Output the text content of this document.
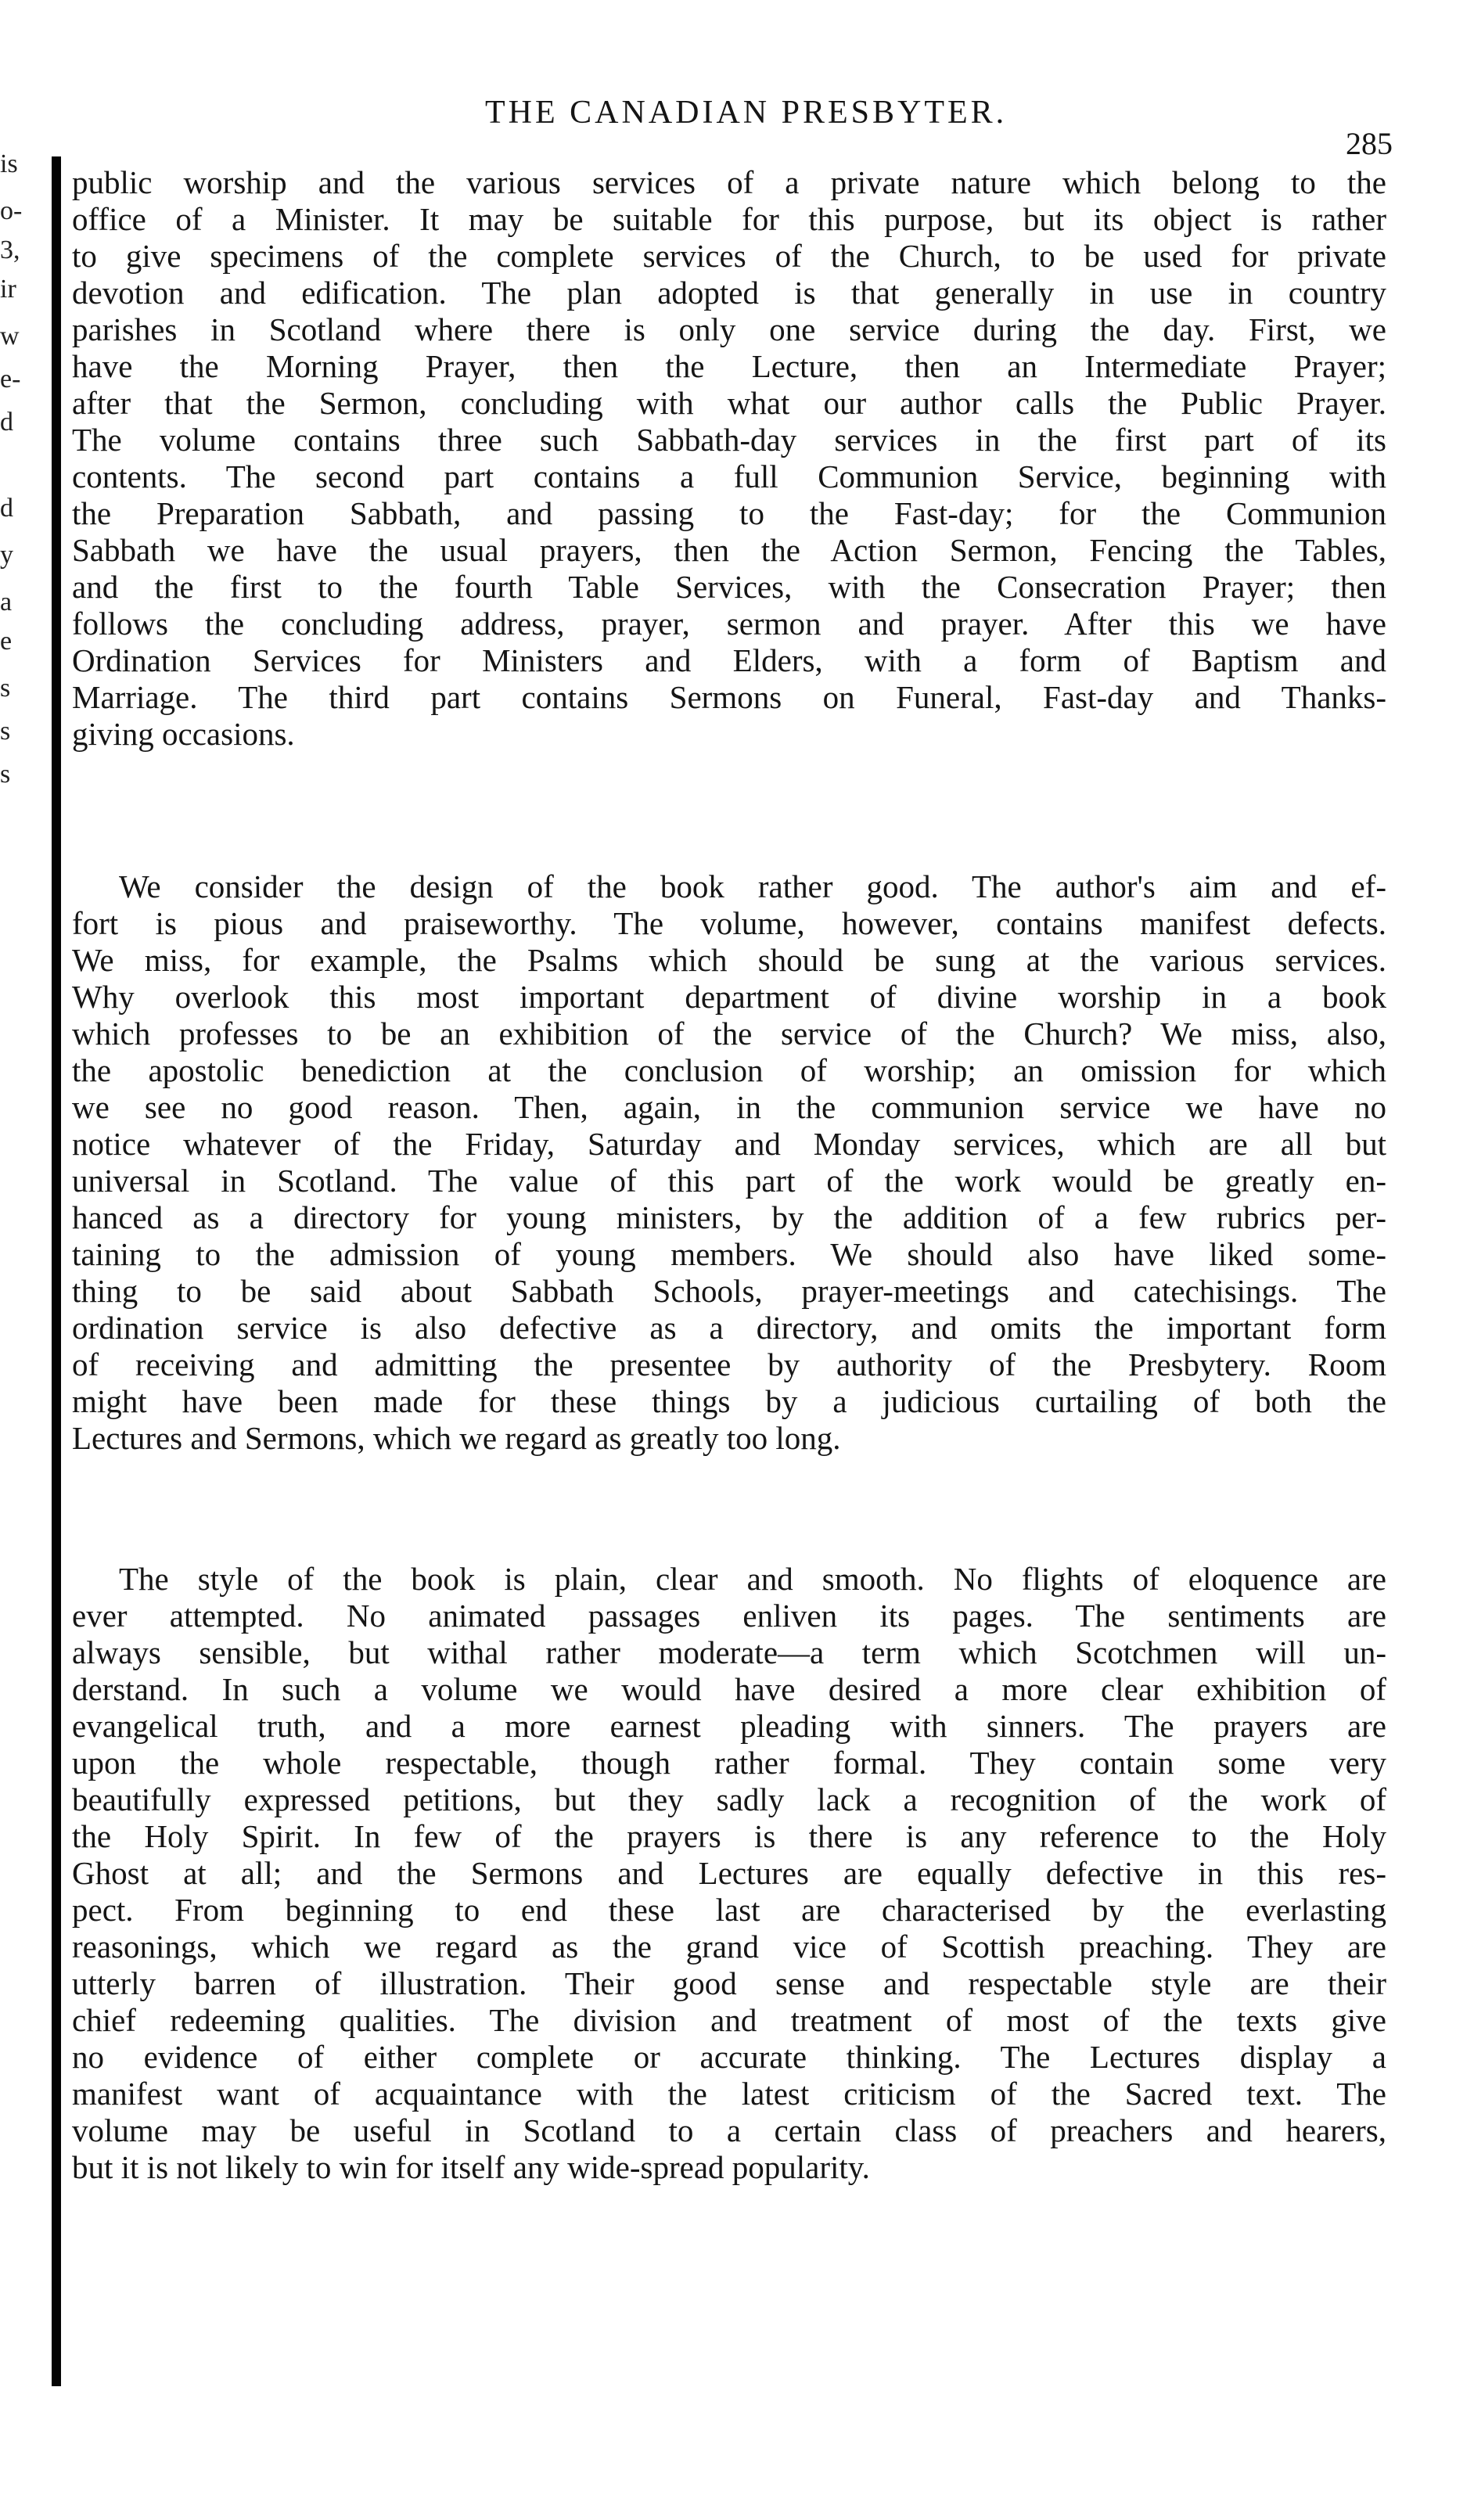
is
o-
3,
ir
w
e-
d
d
y
a
e
s
s
s
THE CANADIAN PRESBYTER.
285
public worship and the various services of a private nature which belong to the
office of a Minister. It may be suitable for this purpose, but its object is rather
to give specimens of the complete services of the Church, to be used for private
devotion and edification. The plan adopted is that generally in use in country
parishes in Scotland where there is only one service during the day. First, we
have the Morning Prayer, then the Lecture, then an Intermediate Prayer;
after that the Sermon, concluding with what our author calls the Public Prayer.
The volume contains three such Sabbath-day services in the first part of its
contents. The second part contains a full Communion Service, beginning with
the Preparation Sabbath, and passing to the Fast-day; for the Communion
Sabbath we have the usual prayers, then the Action Sermon, Fencing the Tables,
and the first to the fourth Table Services, with the Consecration Prayer; then
follows the concluding address, prayer, sermon and prayer. After this we have
Ordination Services for Ministers and Elders, with a form of Baptism and
Marriage. The third part contains Sermons on Funeral, Fast-day and Thanks-
giving occasions.
We consider the design of the book rather good. The author's aim and ef-
fort is pious and praiseworthy. The volume, however, contains manifest defects.
We miss, for example, the Psalms which should be sung at the various services.
Why overlook this most important department of divine worship in a book
which professes to be an exhibition of the service of the Church? We miss, also,
the apostolic benediction at the conclusion of worship; an omission for which
we see no good reason. Then, again, in the communion service we have no
notice whatever of the Friday, Saturday and Monday services, which are all but
universal in Scotland. The value of this part of the work would be greatly en-
hanced as a directory for young ministers, by the addition of a few rubrics per-
taining to the admission of young members. We should also have liked some-
thing to be said about Sabbath Schools, prayer-meetings and catechisings. The
ordination service is also defective as a directory, and omits the important form
of receiving and admitting the presentee by authority of the Presbytery. Room
might have been made for these things by a judicious curtailing of both the
Lectures and Sermons, which we regard as greatly too long.
The style of the book is plain, clear and smooth. No flights of eloquence are
ever attempted. No animated passages enliven its pages. The sentiments are
always sensible, but withal rather moderate—a term which Scotchmen will un-
derstand. In such a volume we would have desired a more clear exhibition of
evangelical truth, and a more earnest pleading with sinners. The prayers are
upon the whole respectable, though rather formal. They contain some very
beautifully expressed petitions, but they sadly lack a recognition of the work of
the Holy Spirit. In few of the prayers is there is any reference to the Holy
Ghost at all; and the Sermons and Lectures are equally defective in this res-
pect. From beginning to end these last are characterised by the everlasting
reasonings, which we regard as the grand vice of Scottish preaching. They are
utterly barren of illustration. Their good sense and respectable style are their
chief redeeming qualities. The division and treatment of most of the texts give
no evidence of either complete or accurate thinking. The Lectures display a
manifest want of acquaintance with the latest criticism of the Sacred text. The
volume may be useful in Scotland to a certain class of preachers and hearers,
but it is not likely to win for itself any wide-spread popularity.
